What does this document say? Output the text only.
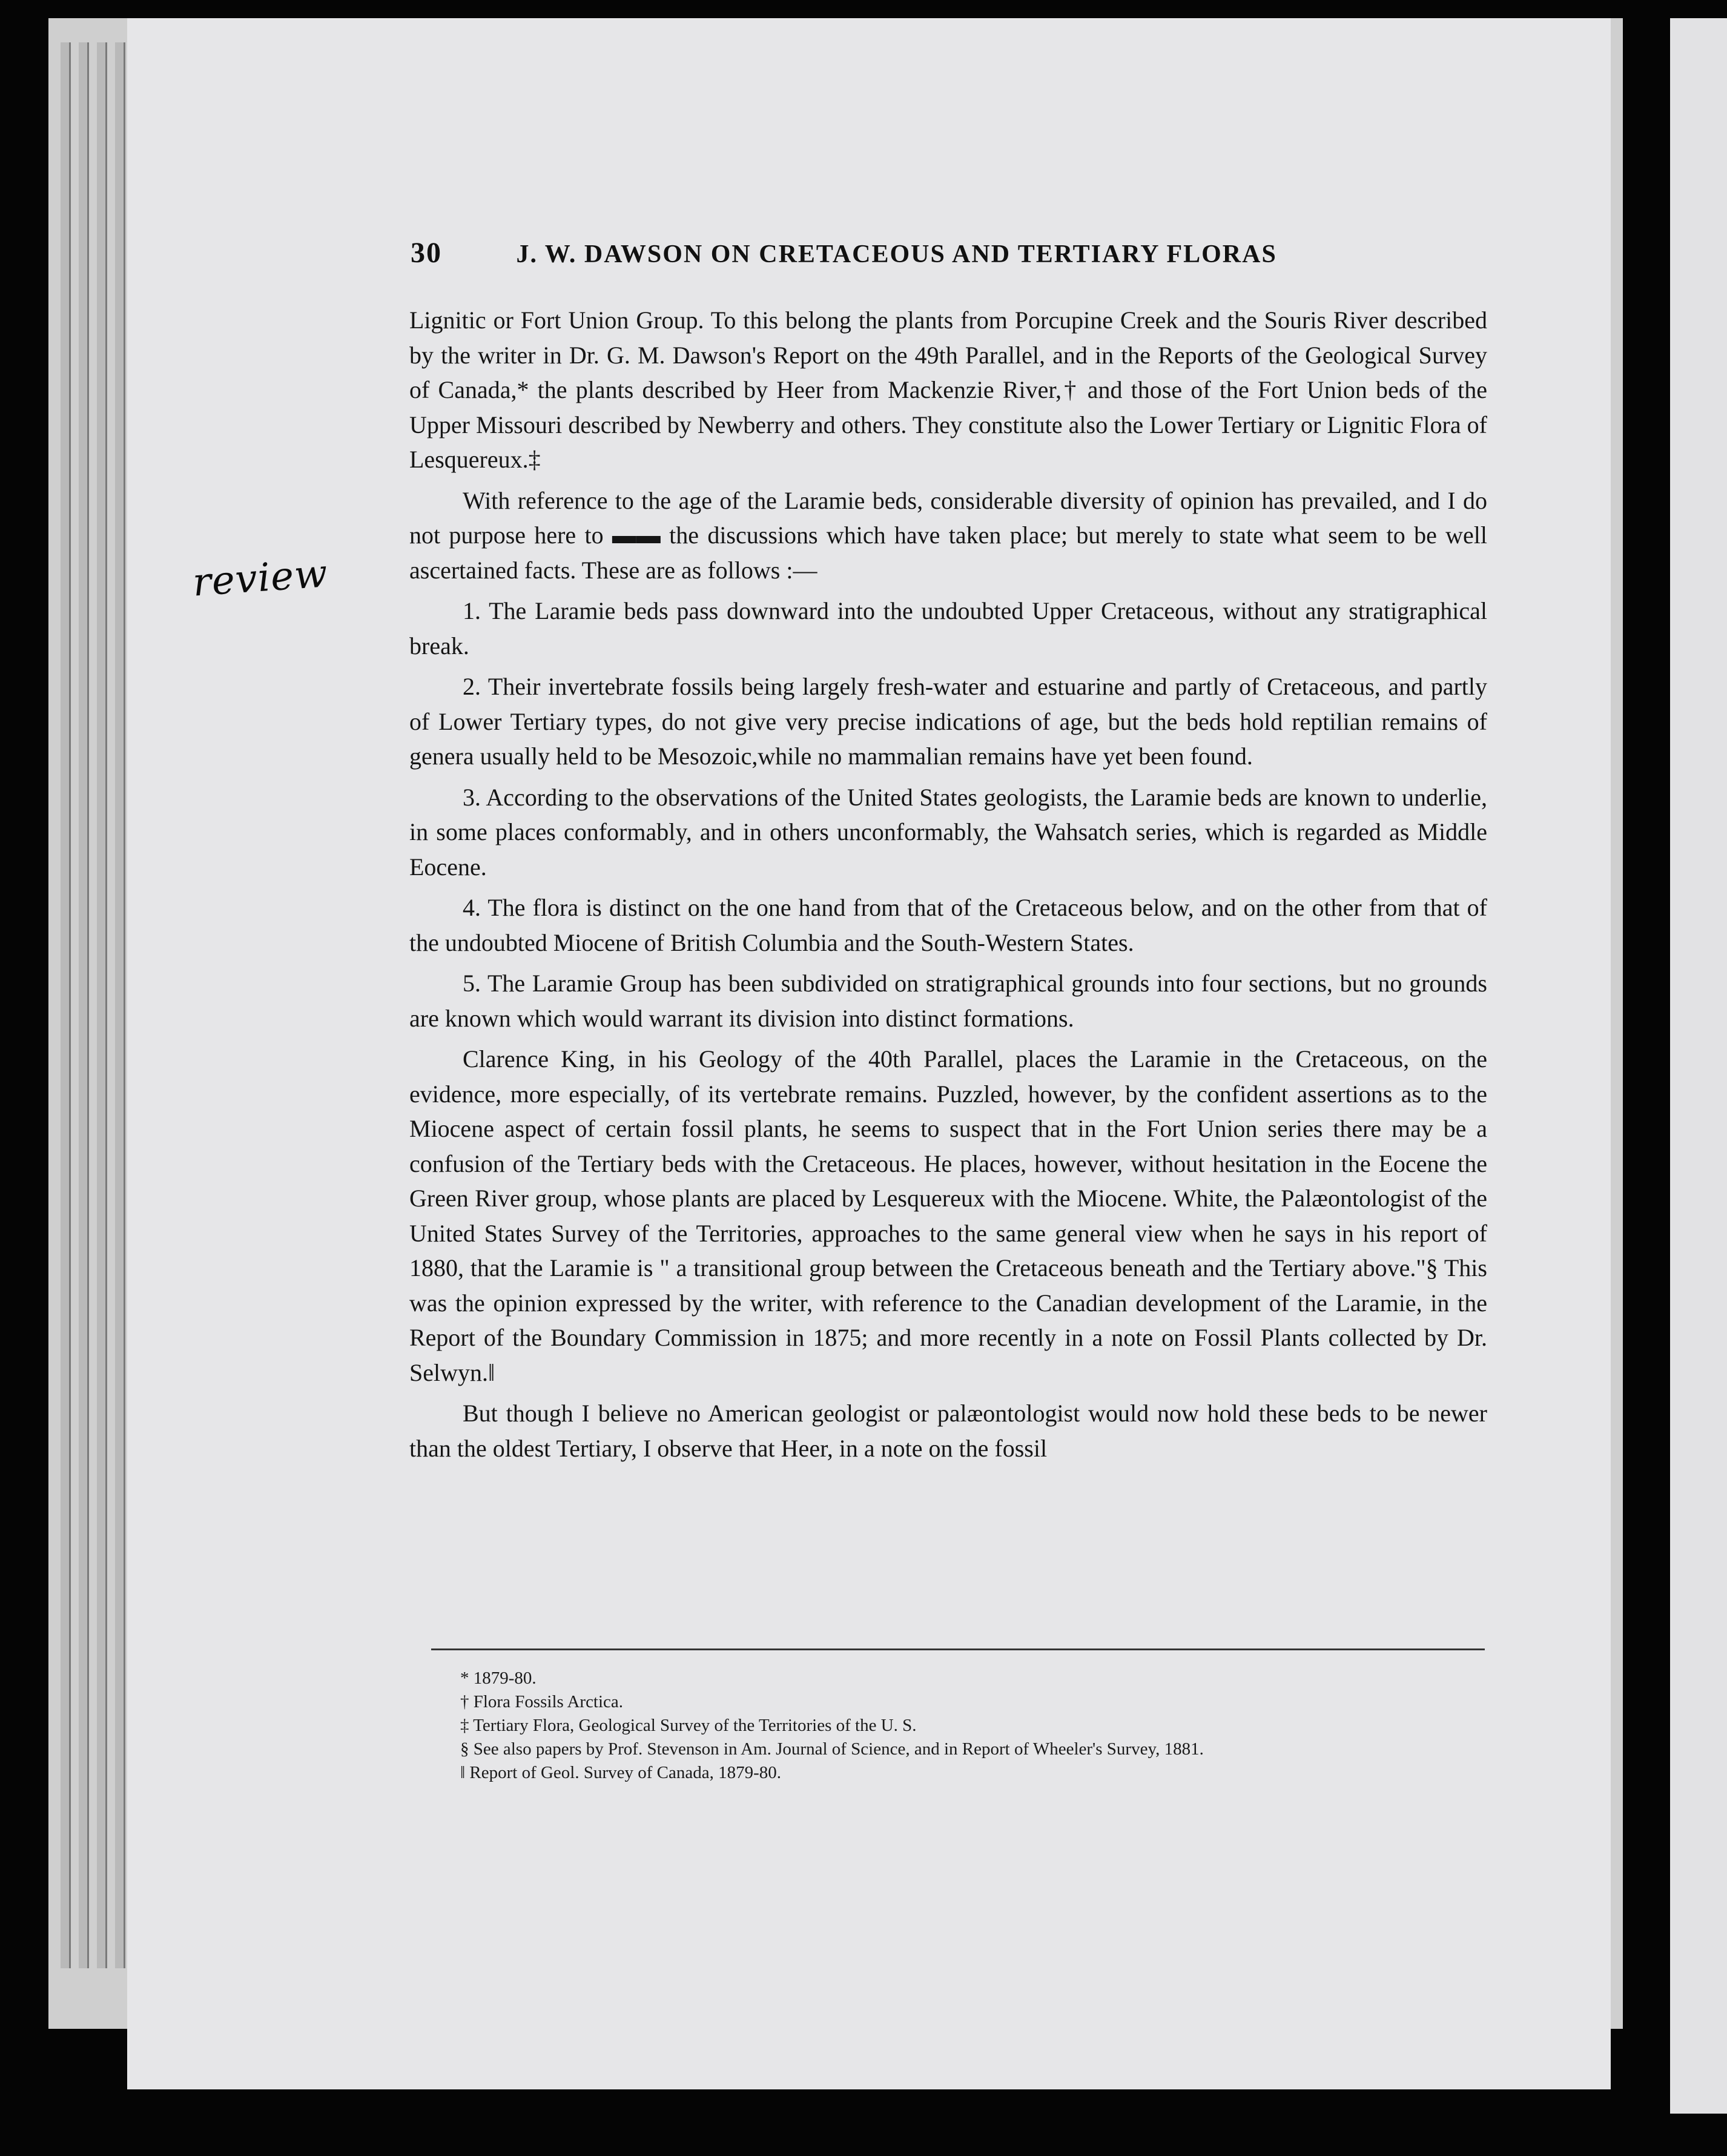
30	J. W. DAWSON ON CRETACEOUS AND TERTIARY FLORAS
review

Lignitic or Fort Union Group. To this belong the plants from Porcupine Creek and the Souris River described by the writer in Dr. G. M. Dawson's Report on the 49th Parallel, and in the Reports of the Geological Survey of Canada,* the plants described by Heer from Mackenzie River,† and those of the Fort Union beds of the Upper Missouri described by Newberry and others. They constitute also the Lower Tertiary or Lignitic Flora of Lesquereux.‡

With reference to the age of the Laramie beds, considerable diversity of opinion has prevailed, and I do not purpose here to ▬▬ the discussions which have taken place; but merely to state what seem to be well ascertained facts. These are as follows :—

1. The Laramie beds pass downward into the undoubted Upper Cretaceous, without any stratigraphical break.

2. Their invertebrate fossils being largely fresh-water and estuarine and partly of Cretaceous, and partly of Lower Tertiary types, do not give very precise indications of age, but the beds hold reptilian remains of genera usually held to be Mesozoic,while no mammalian remains have yet been found.

3. According to the observations of the United States geologists, the Laramie beds are known to underlie, in some places conformably, and in others unconformably, the Wahsatch series, which is regarded as Middle Eocene.

4. The flora is distinct on the one hand from that of the Cretaceous below, and on the other from that of the undoubted Miocene of British Columbia and the South-Western States.

5. The Laramie Group has been subdivided on stratigraphical grounds into four sections, but no grounds are known which would warrant its division into distinct formations.

Clarence King, in his Geology of the 40th Parallel, places the Laramie in the Cretaceous, on the evidence, more especially, of its vertebrate remains. Puzzled, however, by the confident assertions as to the Miocene aspect of certain fossil plants, he seems to suspect that in the Fort Union series there may be a confusion of the Tertiary beds with the Cretaceous. He places, however, without hesitation in the Eocene the Green River group, whose plants are placed by Lesquereux with the Miocene. White, the Palæontologist of the United States Survey of the Territories, approaches to the same general view when he says in his report of 1880, that the Laramie is " a transitional group between the Cretaceous beneath and the Tertiary above."§ This was the opinion expressed by the writer, with reference to the Canadian development of the Laramie, in the Report of the Boundary Commission in 1875; and more recently in a note on Fossil Plants collected by Dr. Selwyn.‖

But though I believe no American geologist or palæontologist would now hold these beds to be newer than the oldest Tertiary, I observe that Heer, in a note on the fossil

* 1879-80.
† Flora Fossils Arctica.
‡ Tertiary Flora, Geological Survey of the Territories of the U. S.
§ See also papers by Prof. Stevenson in Am. Journal of Science, and in Report of Wheeler's Survey, 1881.
‖ Report of Geol. Survey of Canada, 1879-80.
